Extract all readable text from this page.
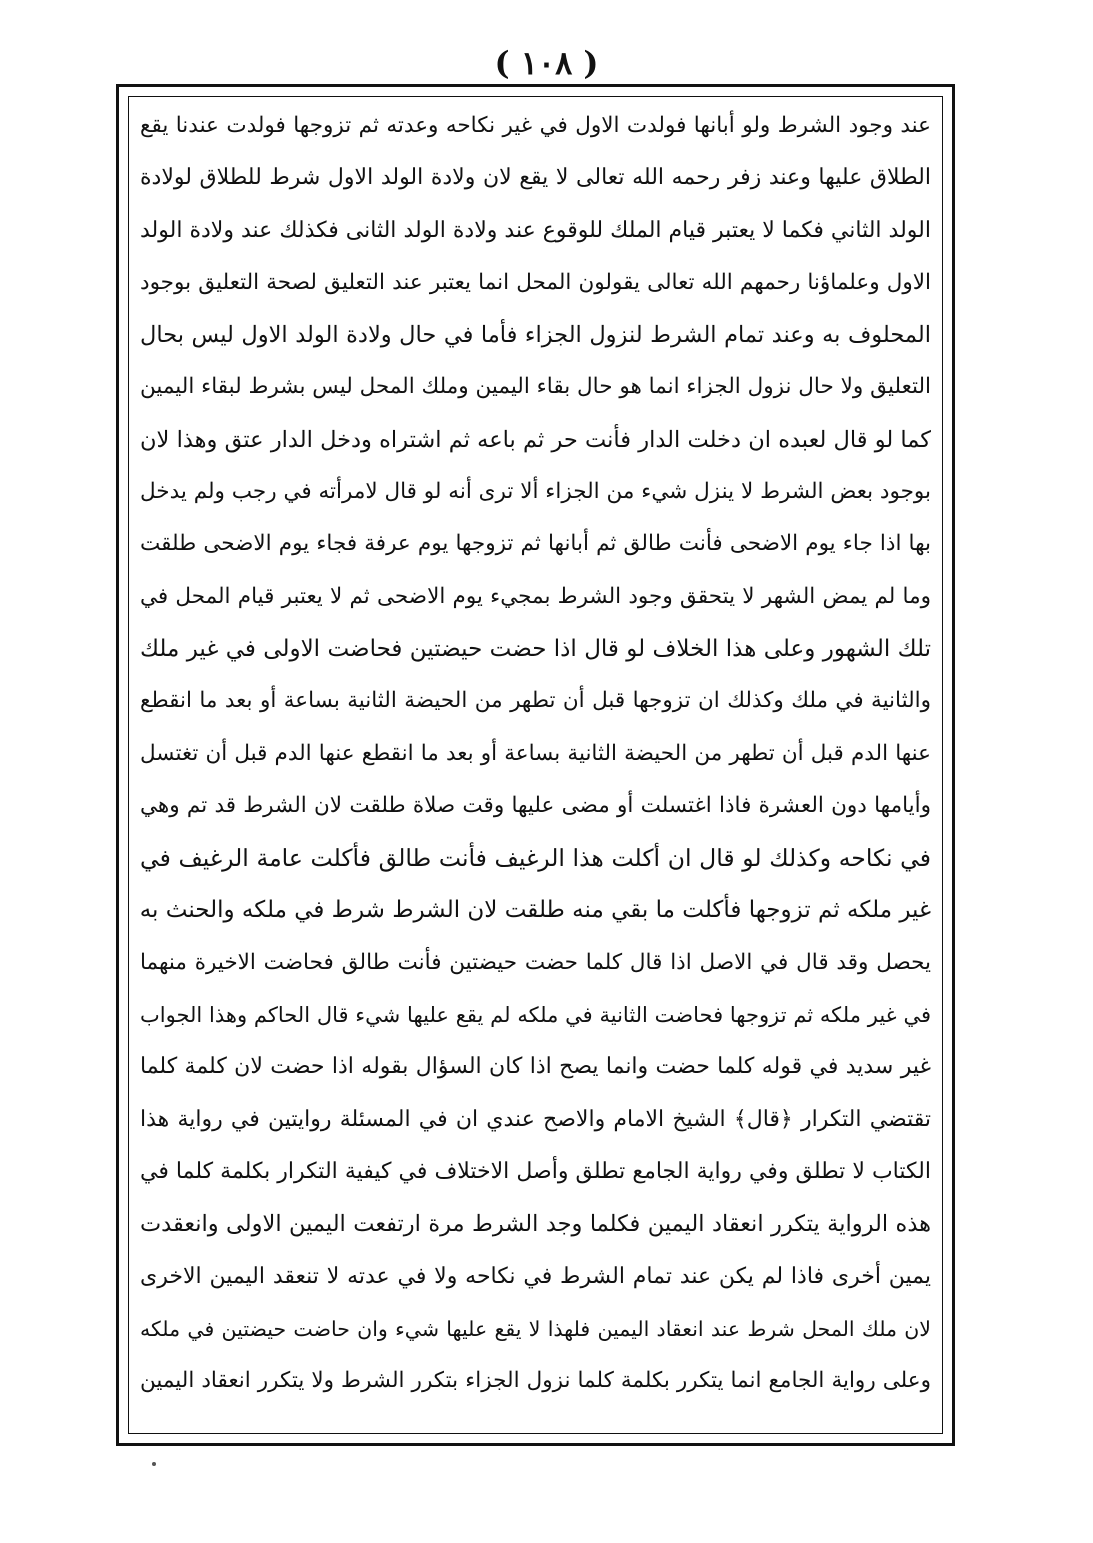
( ١٠٨ )
عند وجود الشرط ولو أبانها فولدت الاول في غير نكاحه وعدته ثم تزوجها فولدت عندنا يقع
الطلاق عليها وعند زفر رحمه الله تعالى لا يقع لان ولادة الولد الاول شرط للطلاق لولادة
الولد الثاني فكما لا يعتبر قيام الملك للوقوع عند ولادة الولد الثانى فكذلك عند ولادة الولد
الاول وعلماؤنا رحمهم الله تعالى يقولون المحل انما يعتبر عند التعليق لصحة التعليق بوجود
المحلوف به وعند تمام الشرط لنزول الجزاء فأما في حال ولادة الولد الاول ليس بحال
التعليق ولا حال نزول الجزاء انما هو حال بقاء اليمين وملك المحل ليس بشرط لبقاء اليمين
كما لو قال لعبده ان دخلت الدار فأنت حر ثم باعه ثم اشتراه ودخل الدار عتق وهذا لان
بوجود بعض الشرط لا ينزل شيء من الجزاء ألا ترى أنه لو قال لامرأته في رجب ولم يدخل
بها اذا جاء يوم الاضحى فأنت طالق ثم أبانها ثم تزوجها يوم عرفة فجاء يوم الاضحى طلقت
وما لم يمض الشهر لا يتحقق وجود الشرط بمجيء يوم الاضحى ثم لا يعتبر قيام المحل في
تلك الشهور وعلى هذا الخلاف لو قال اذا حضت حيضتين فحاضت الاولى في غير ملك
والثانية في ملك وكذلك ان تزوجها قبل أن تطهر من الحيضة الثانية بساعة أو بعد ما انقطع
عنها الدم قبل أن تطهر من الحيضة الثانية بساعة أو بعد ما انقطع عنها الدم قبل أن تغتسل
وأيامها دون العشرة فاذا اغتسلت أو مضى عليها وقت صلاة طلقت لان الشرط قد تم وهي
في نكاحه وكذلك لو قال ان أكلت هذا الرغيف فأنت طالق فأكلت عامة الرغيف في
غير ملكه ثم تزوجها فأكلت ما بقي منه طلقت لان الشرط شرط في ملكه والحنث به
يحصل وقد قال في الاصل اذا قال كلما حضت حيضتين فأنت طالق فحاضت الاخيرة منهما
في غير ملكه ثم تزوجها فحاضت الثانية في ملكه لم يقع عليها شيء قال الحاكم وهذا الجواب
غير سديد في قوله كلما حضت وانما يصح اذا كان السؤال بقوله اذا حضت لان كلمة كلما
تقتضي التكرار ﴿قال﴾ الشيخ الامام والاصح عندي ان في المسئلة روايتين في رواية هذا
الكتاب لا تطلق وفي رواية الجامع تطلق وأصل الاختلاف في كيفية التكرار بكلمة كلما في
هذه الرواية يتكرر انعقاد اليمين فكلما وجد الشرط مرة ارتفعت اليمين الاولى وانعقدت
يمين أخرى فاذا لم يكن عند تمام الشرط في نكاحه ولا في عدته لا تنعقد اليمين الاخرى
لان ملك المحل شرط عند انعقاد اليمين فلهذا لا يقع عليها شيء وان حاضت حيضتين في ملكه
وعلى رواية الجامع انما يتكرر بكلمة كلما نزول الجزاء بتكرر الشرط ولا يتكرر انعقاد اليمين
